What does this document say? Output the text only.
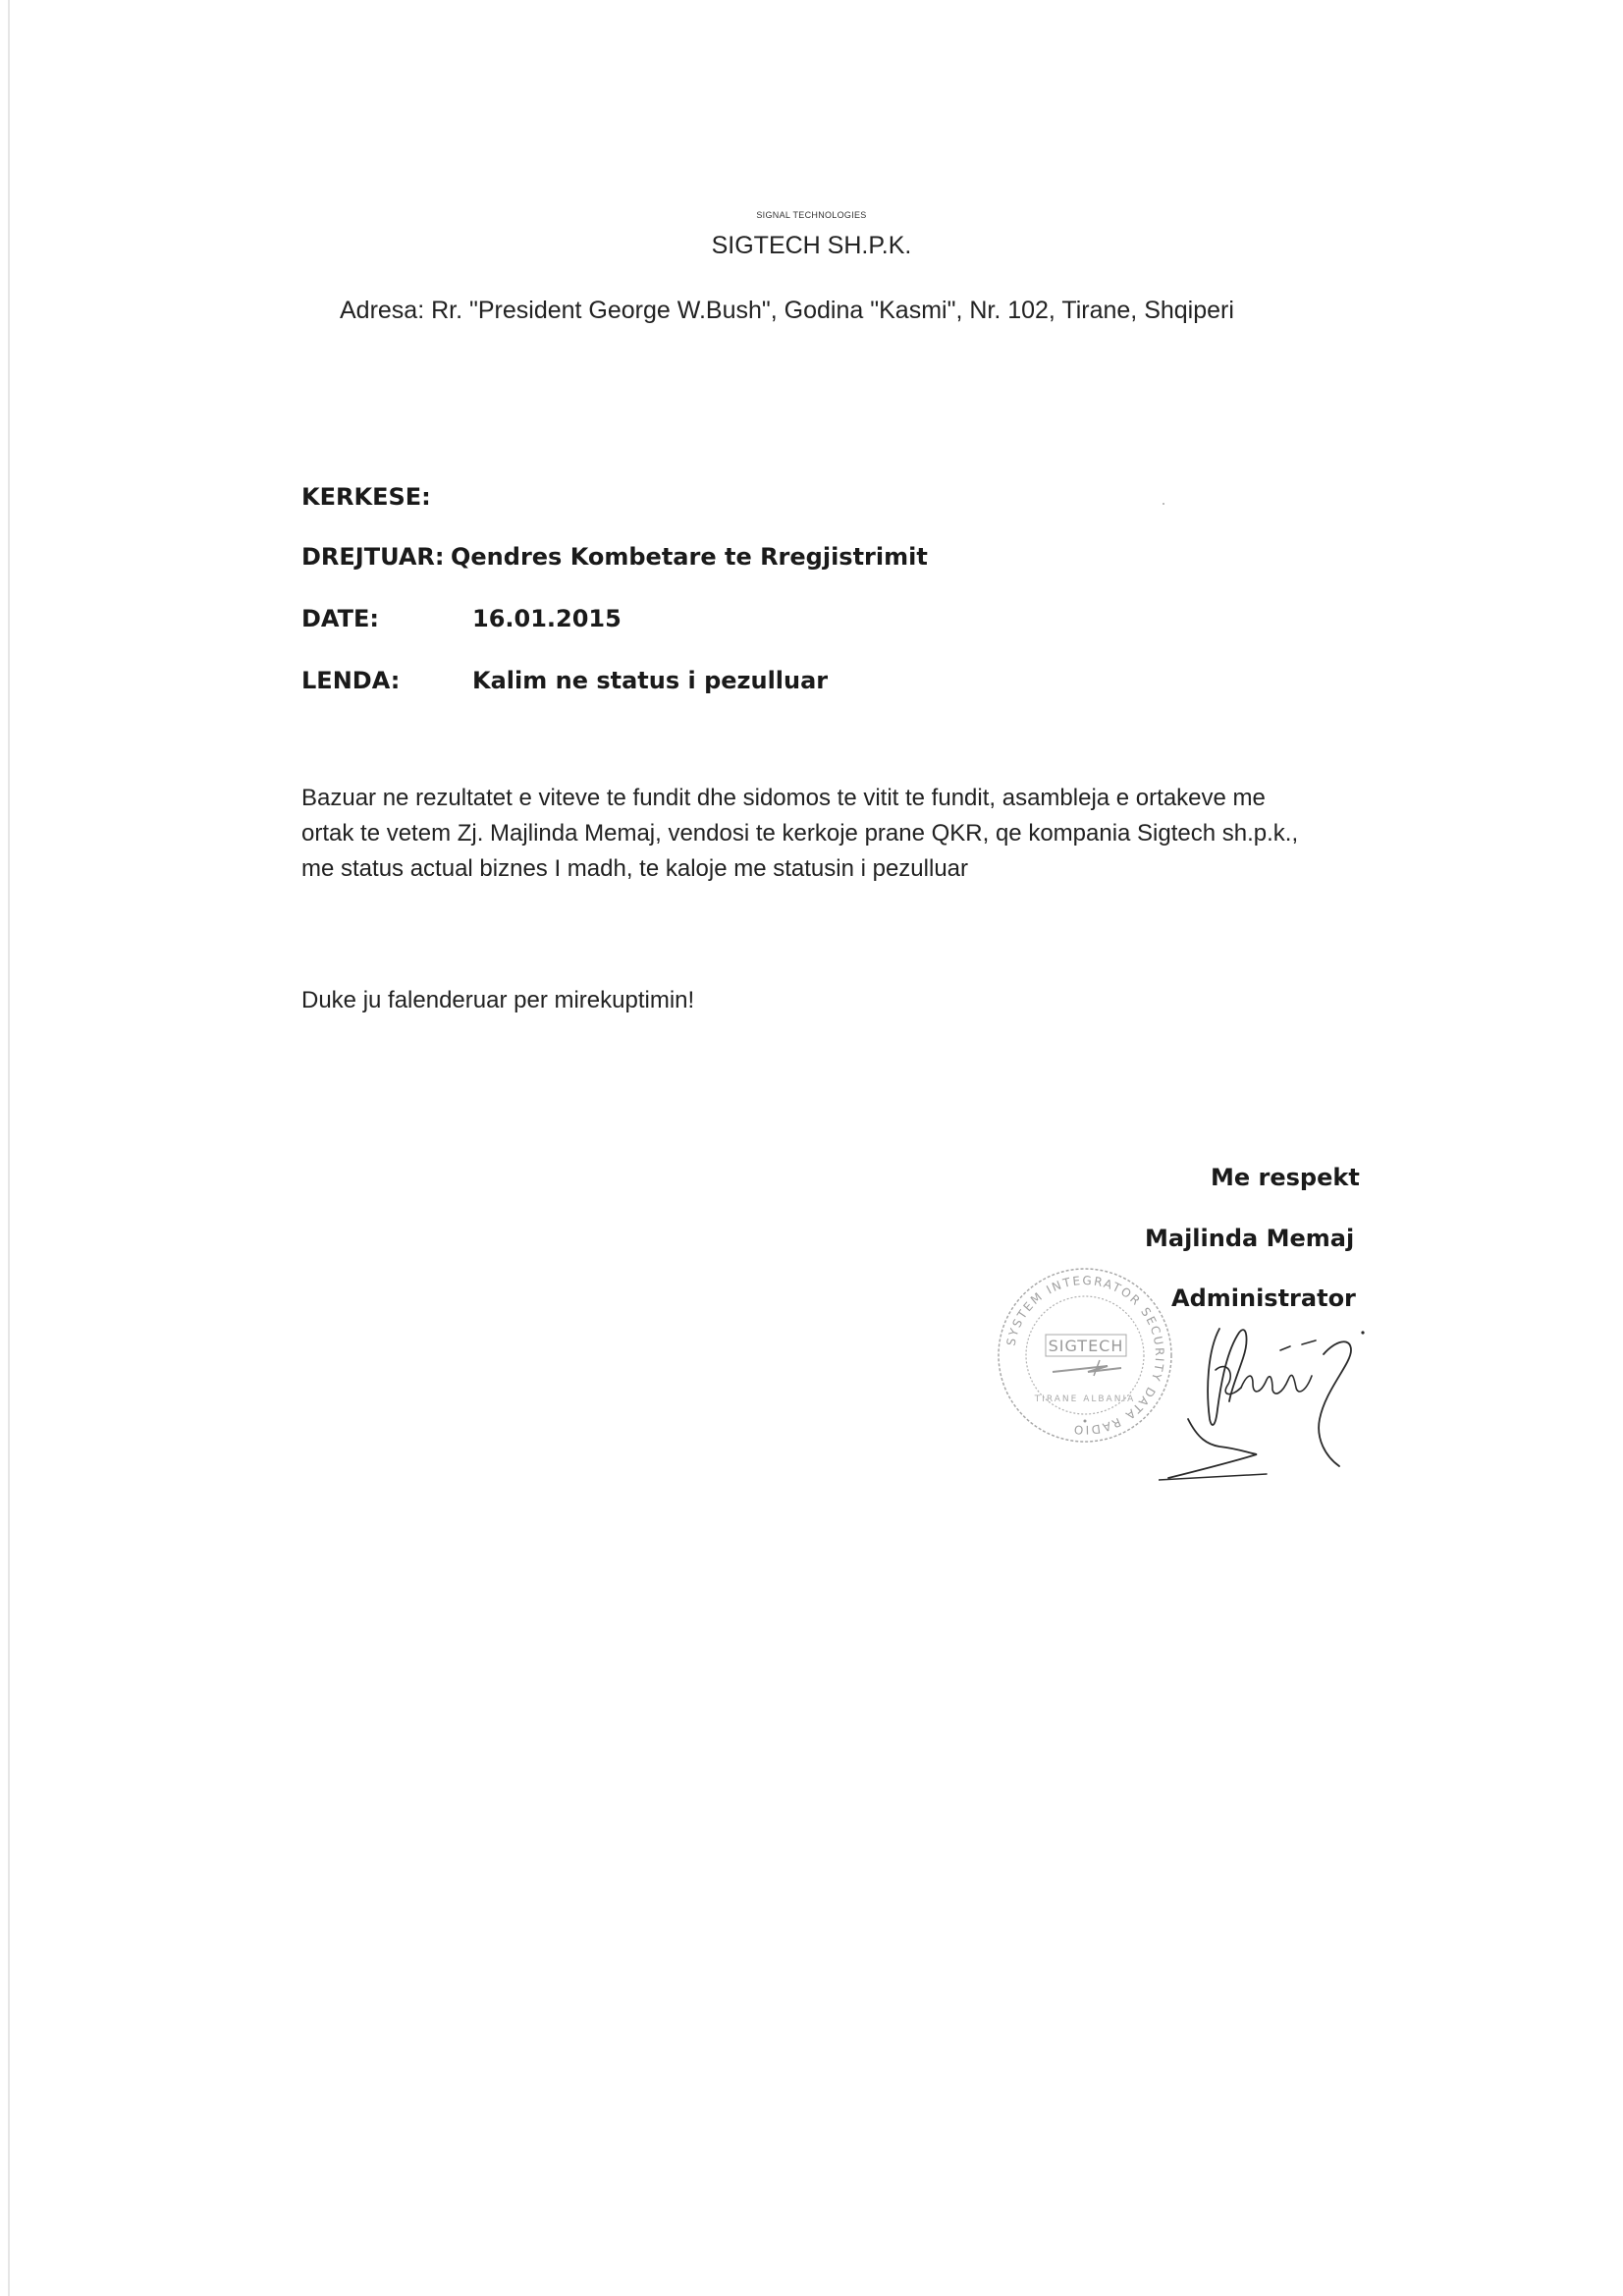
SIGNAL TECHNOLOGIES
SIGTECH SH.P.K.
Adresa: Rr. "President George W.Bush", Godina "Kasmi", Nr. 102, Tirane, Shqiperi
KERKESE:
DREJTUAR: Qendres Kombetare te Rregjistrimit
DATE:	16.01.2015
LENDA:	Kalim ne status i pezulluar
Bazuar ne rezultatet e viteve te fundit dhe sidomos te vitit te fundit, asambleja e ortakeve me
ortak te vetem Zj. Majlinda Memaj, vendosi te kerkoje prane QKR, qe kompania Sigtech sh.p.k.,
me status actual biznes I madh, te kaloje me statusin i pezulluar
Duke ju falenderuar per mirekuptimin!
Me respekt
Majlinda Memaj
SYSTEM INTEGRATOR SECURITY DATA RADIO
SIGTECH
TIRANE ALBANIA
Administrator
